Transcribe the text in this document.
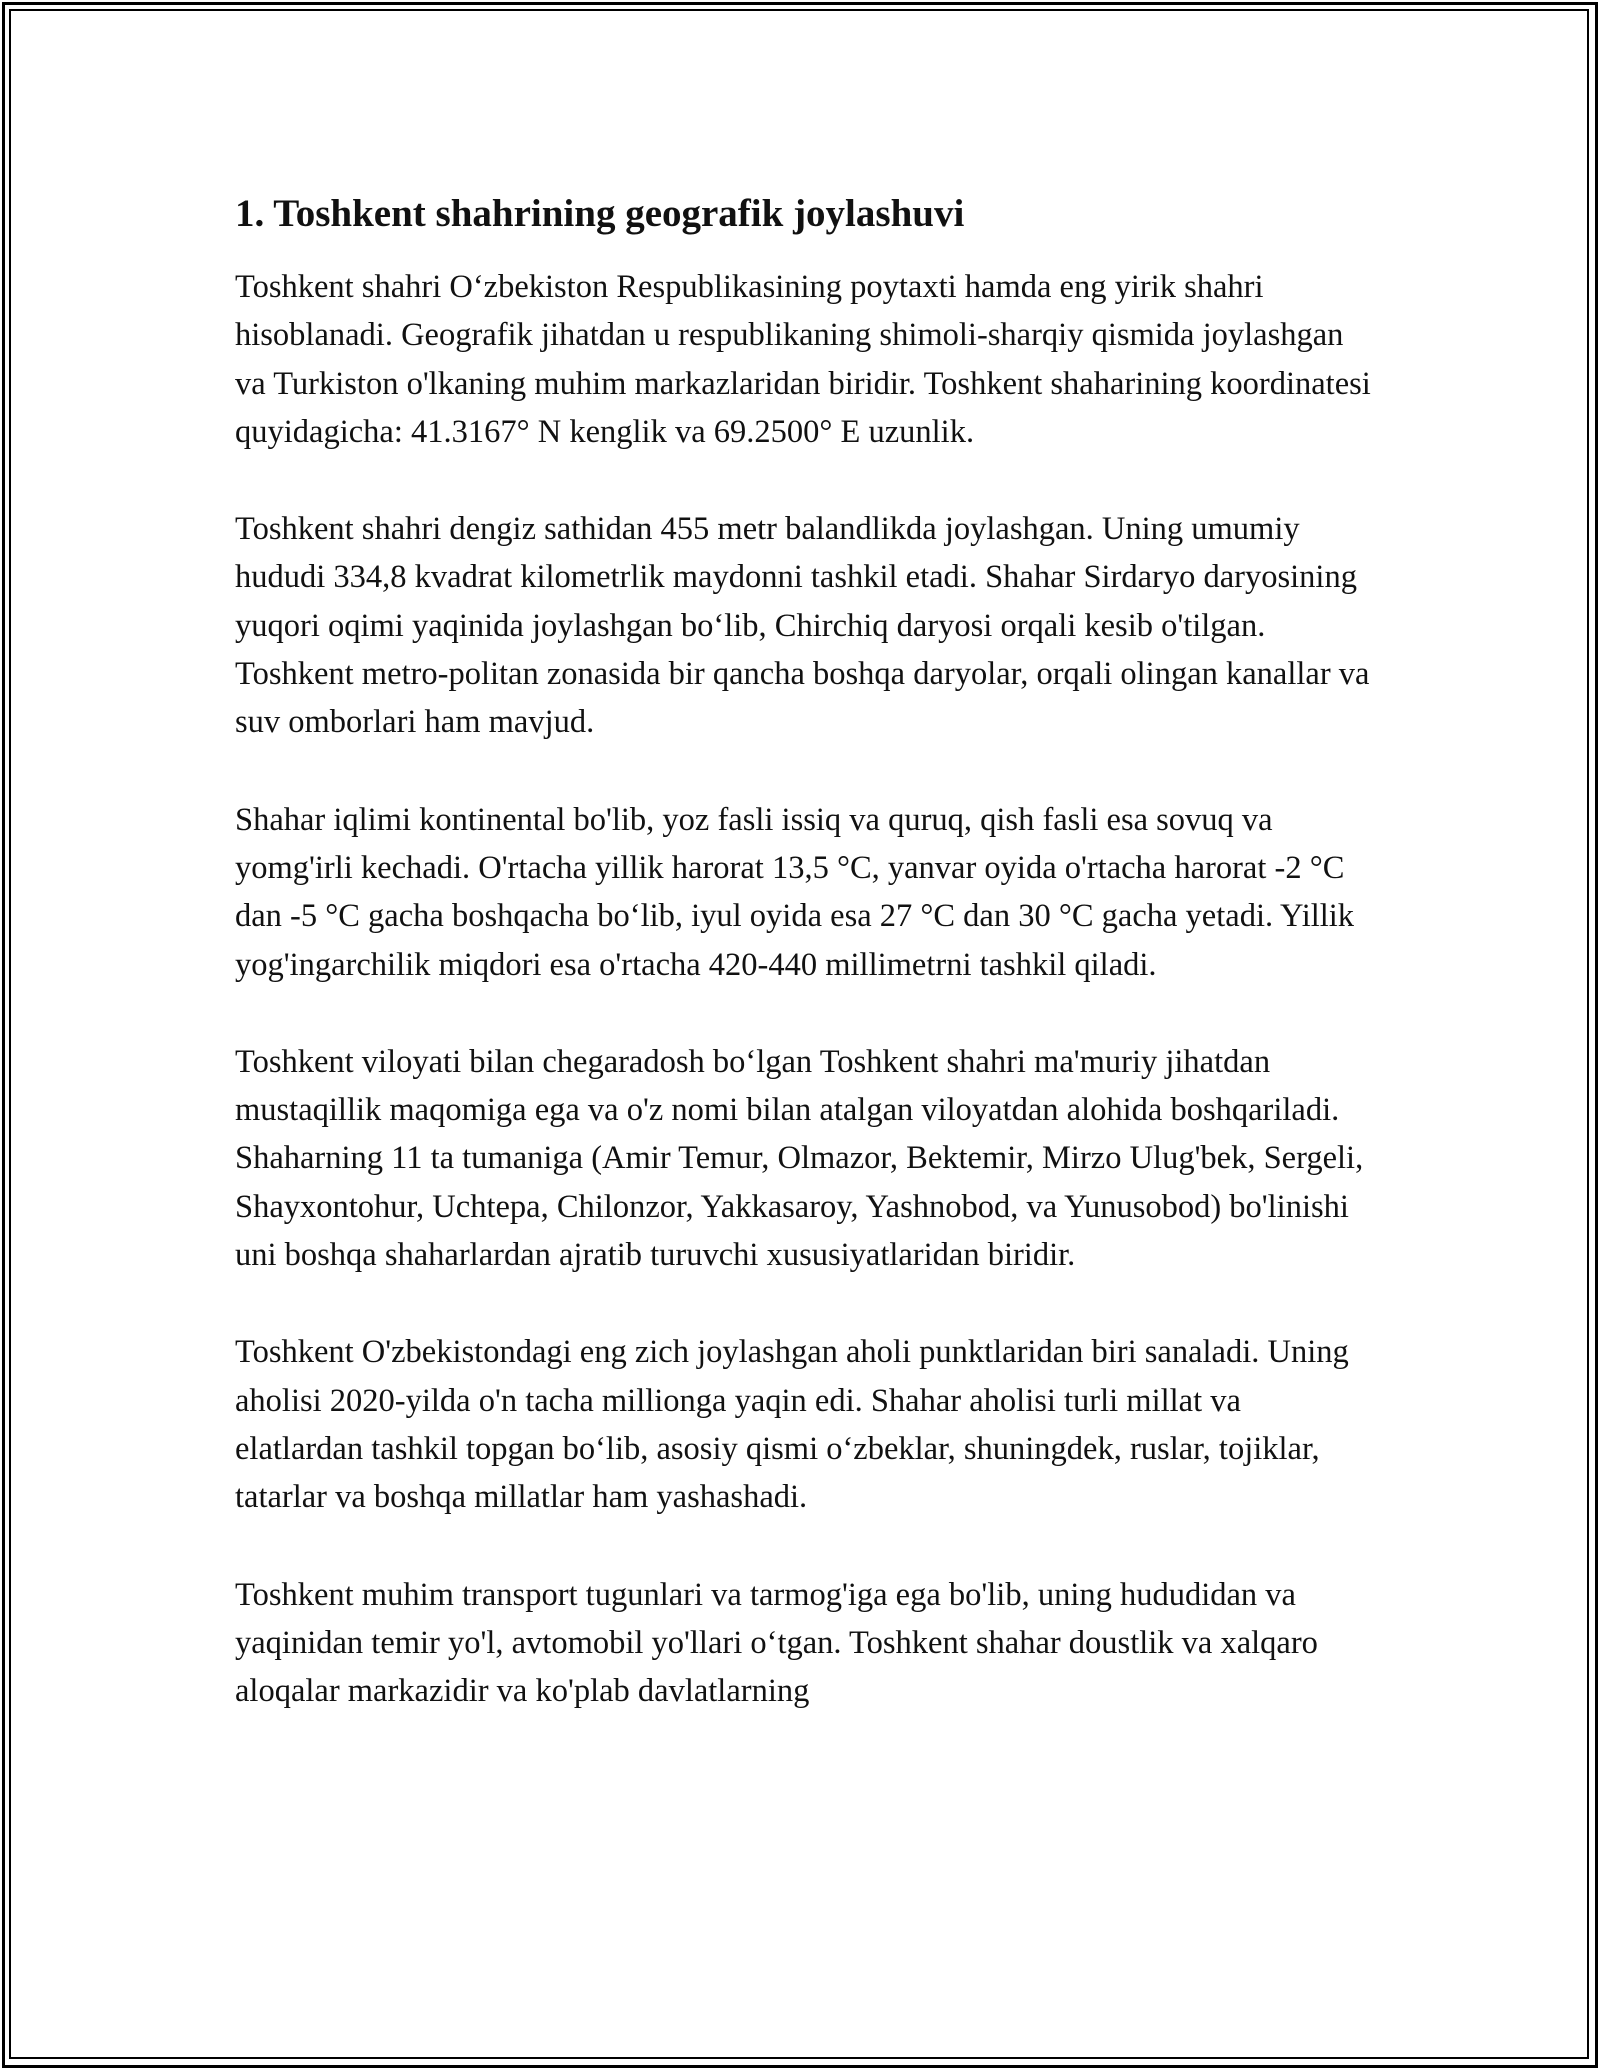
1. Toshkent shahrining geografik joylashuvi

Toshkent shahri O‘zbekiston Respublikasining poytaxti hamda eng yirik shahri hisoblanadi. Geografik jihatdan u respublikaning shimoli-sharqiy qismida joylashgan va Turkiston o'lkaning muhim markazlaridan biridir. Toshkent shaharining koordinatesi quyidagicha: 41.3167° N kenglik va 69.2500° E uzunlik.

Toshkent shahri dengiz sathidan 455 metr balandlikda joylashgan. Uning umumiy hududi 334,8 kvadrat kilometrlik maydonni tashkil etadi. Shahar Sirdaryo daryosining yuqori oqimi yaqinida joylashgan bo‘lib, Chirchiq daryosi orqali kesib o'tilgan. Toshkent metro-politan zonasida bir qancha boshqa daryolar, orqali olingan kanallar va suv omborlari ham mavjud.

Shahar iqlimi kontinental bo'lib, yoz fasli issiq va quruq, qish fasli esa sovuq va yomg'irli kechadi. O'rtacha yillik harorat 13,5 °C, yanvar oyida o'rtacha harorat -2 °C dan -5 °C gacha boshqacha bo‘lib, iyul oyida esa 27 °C dan 30 °C gacha yetadi. Yillik yog'ingarchilik miqdori esa o'rtacha 420-440 millimetrni tashkil qiladi.

Toshkent viloyati bilan chegaradosh bo‘lgan Toshkent shahri ma'muriy jihatdan mustaqillik maqomiga ega va o'z nomi bilan atalgan viloyatdan alohida boshqariladi. Shaharning 11 ta tumaniga (Amir Temur, Olmazor, Bektemir, Mirzo Ulug'bek, Sergeli, Shayxontohur, Uchtepa, Chilonzor, Yakkasaroy, Yashnobod, va Yunusobod) bo'linishi uni boshqa shaharlardan ajratib turuvchi xususiyatlaridan biridir.

Toshkent O'zbekistondagi eng zich joylashgan aholi punktlaridan biri sanaladi. Uning aholisi 2020-yilda o'n tacha millionga yaqin edi. Shahar aholisi turli millat va elatlardan tashkil topgan bo‘lib, asosiy qismi o‘zbeklar, shuningdek, ruslar, tojiklar, tatarlar va boshqa millatlar ham yashashadi.

Toshkent muhim transport tugunlari va tarmog'iga ega bo'lib, uning hududidan va yaqinidan temir yo'l, avtomobil yo'llari o‘tgan. Toshkent shahar doustlik va xalqaro aloqalar markazidir va ko'plab davlatlarning
